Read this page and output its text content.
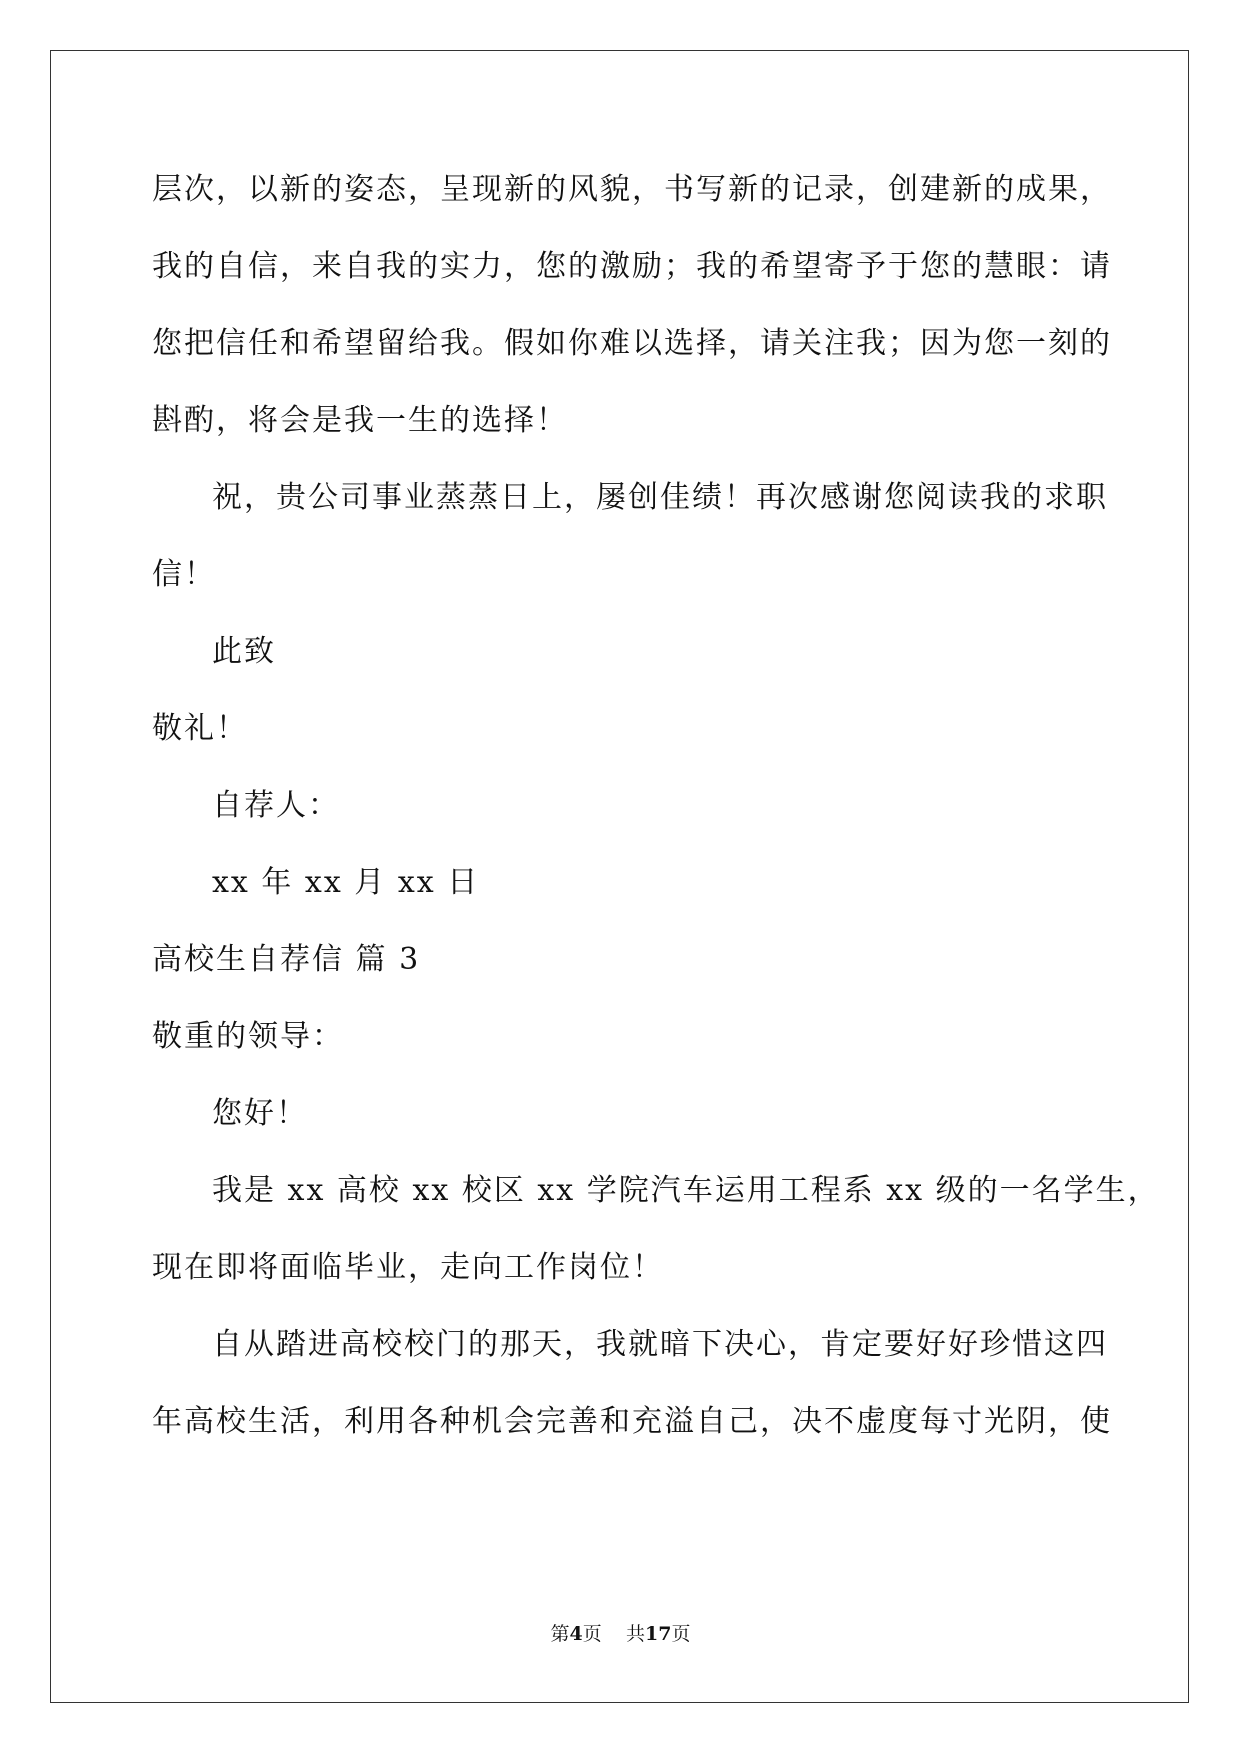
层次，以新的姿态，呈现新的风貌，书写新的记录，创建新的成果，
我的自信，来自我的实力，您的激励；我的希望寄予于您的慧眼：请
您把信任和希望留给我。假如你难以选择，请关注我；因为您一刻的
斟酌，将会是我一生的选择！
祝，贵公司事业蒸蒸日上，屡创佳绩！再次感谢您阅读我的求职
信！
此致
敬礼！
自荐人：
xx 年 xx 月 xx 日
高校生自荐信 篇 3
敬重的领导：
您好！
我是 xx 高校 xx 校区 xx 学院汽车运用工程系 xx 级的一名学生，
现在即将面临毕业，走向工作岗位！
自从踏进高校校门的那天，我就暗下决心，肯定要好好珍惜这四
年高校生活，利用各种机会完善和充溢自己，决不虚度每寸光阴，使
第4页 共17页
